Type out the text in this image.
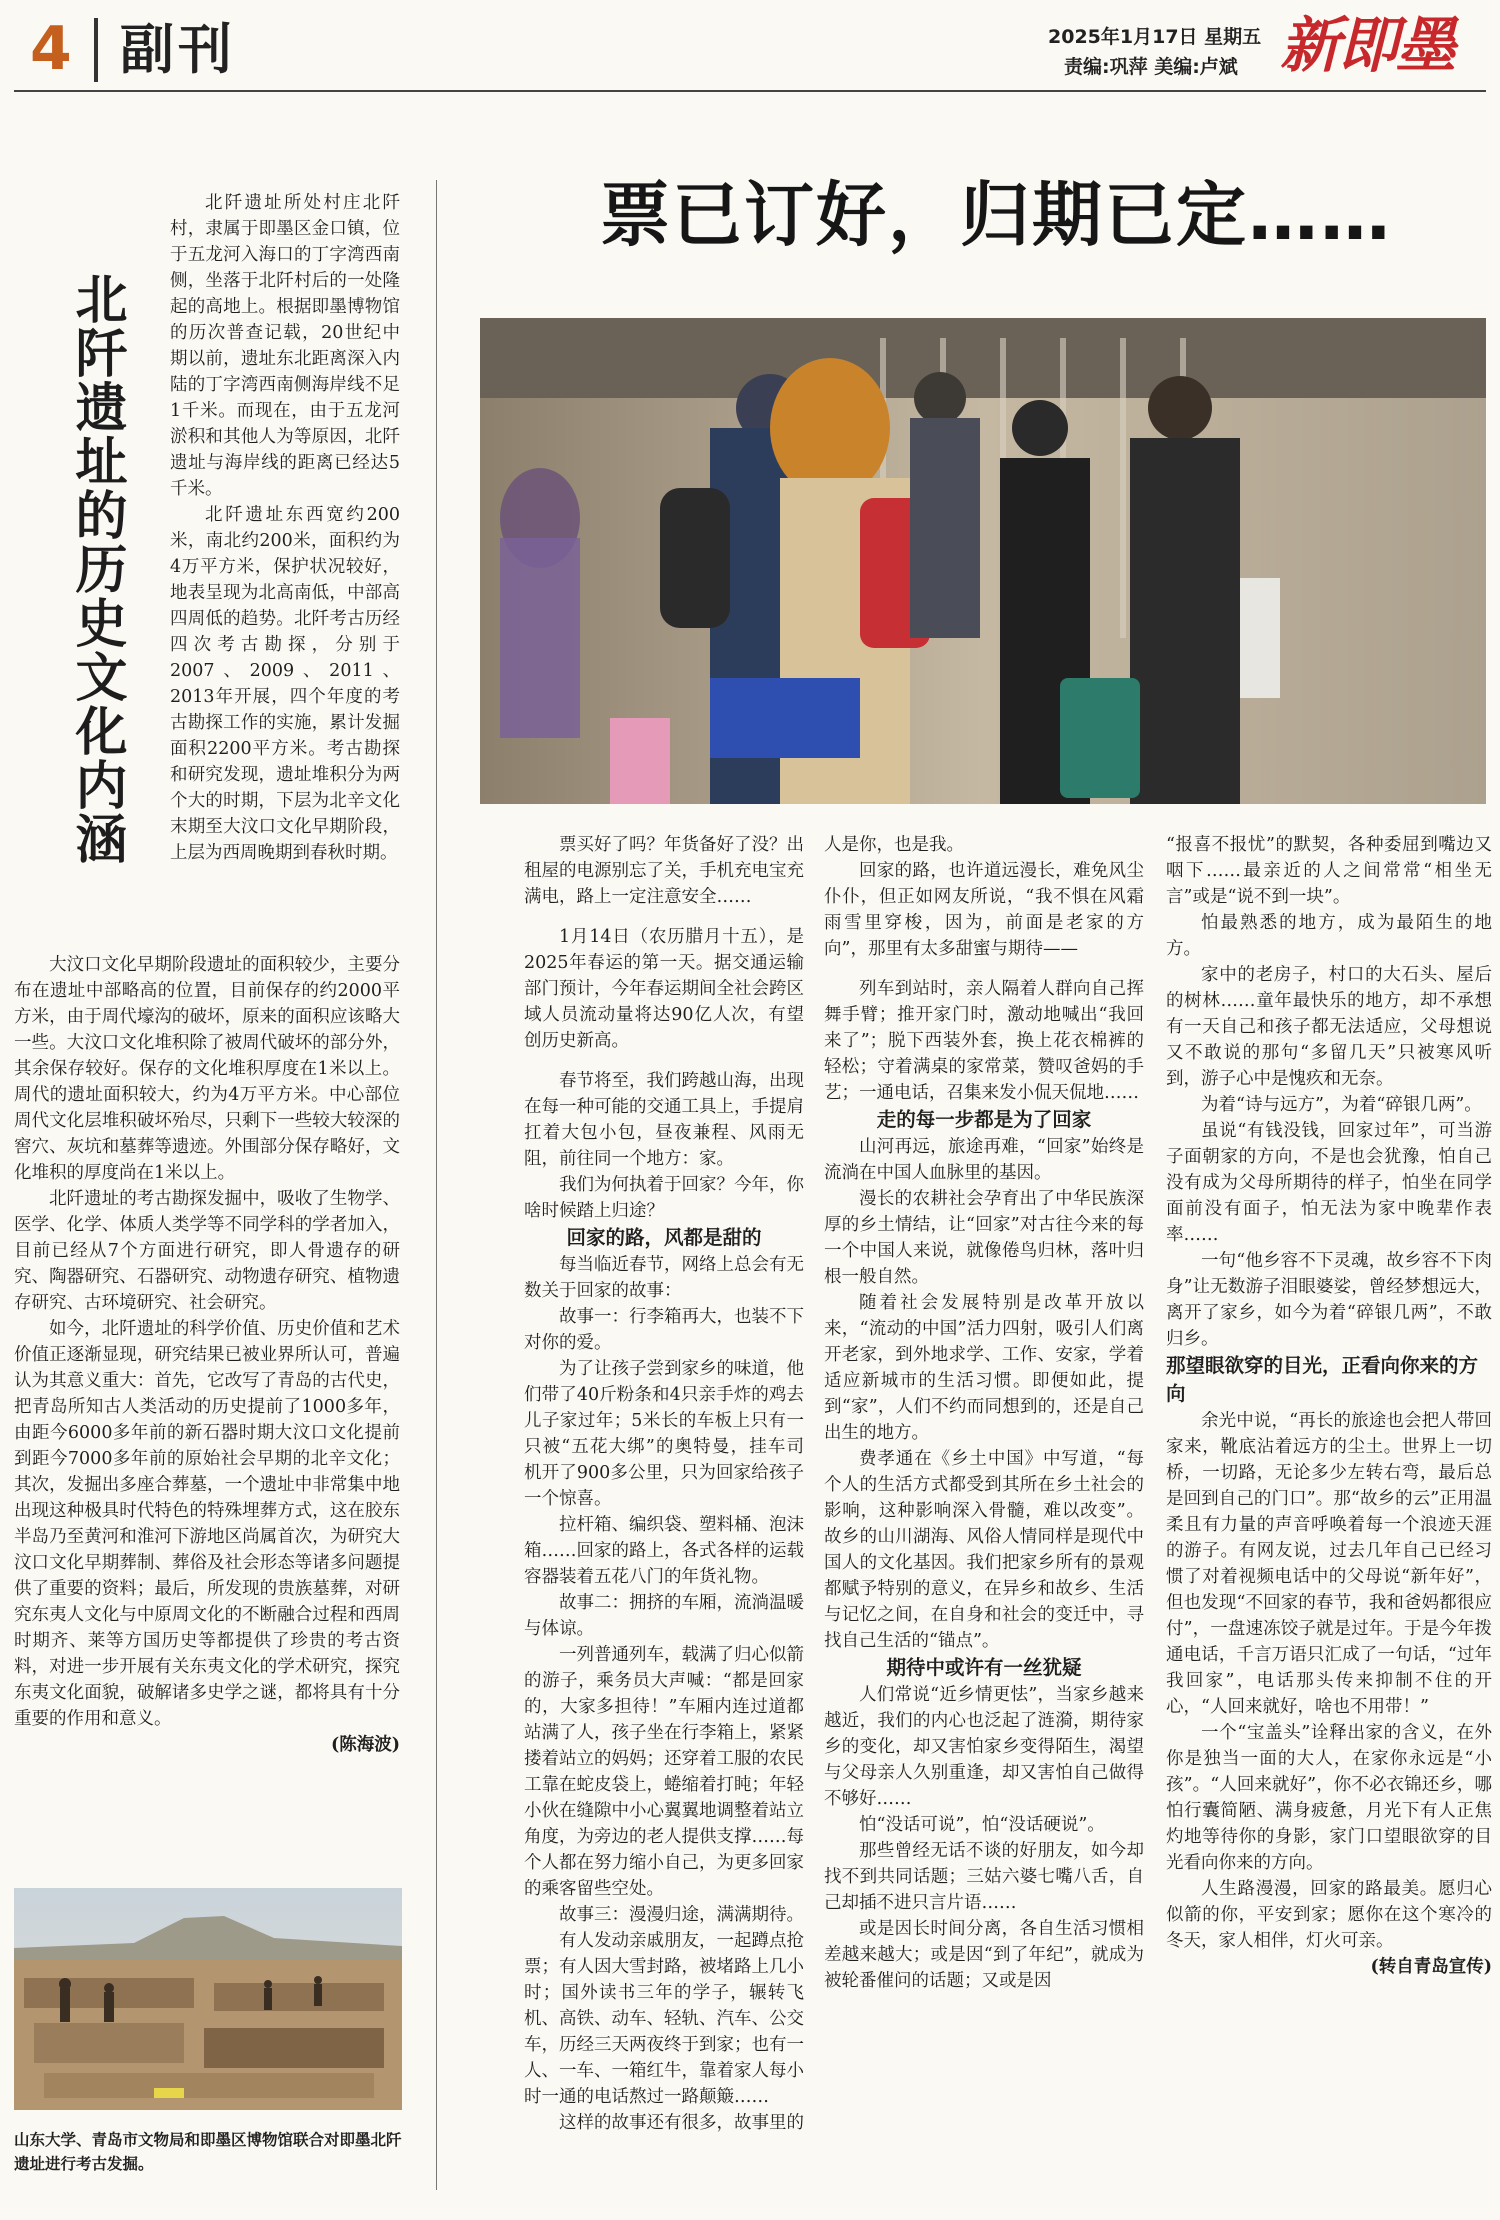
4 副刊	2025年1月17日 星期五
责编:巩萍 美编:卢斌 新即墨
北阡遗址的历史文化内涵

北阡遗址所处村庄北阡村，隶属于即墨区金口镇，位于五龙河入海口的丁字湾西南侧，坐落于北阡村后的一处隆起的高地上。根据即墨博物馆的历次普查记载，20世纪中期以前，遗址东北距离深入内陆的丁字湾西南侧海岸线不足1千米。而现在，由于五龙河淤积和其他人为等原因，北阡遗址与海岸线的距离已经达5千米。

北阡遗址东西宽约200米，南北约200米，面积约为4万平方米，保护状况较好，地表呈现为北高南低，中部高四周低的趋势。北阡考古历经四次考古勘探，分别于2007、2009、2011、2013年开展，四个年度的考古勘探工作的实施，累计发掘面积2200平方米。考古勘探和研究发现，遗址堆积分为两个大的时期，下层为北辛文化末期至大汶口文化早期阶段，上层为西周晚期到春秋时期。

大汶口文化早期阶段遗址的面积较少，主要分布在遗址中部略高的位置，目前保存的约2000平方米，由于周代壕沟的破坏，原来的面积应该略大一些。大汶口文化堆积除了被周代破坏的部分外，其余保存较好。保存的文化堆积厚度在1米以上。周代的遗址面积较大，约为4万平方米。中心部位周代文化层堆积破坏殆尽，只剩下一些较大较深的窖穴、灰坑和墓葬等遗迹。外围部分保存略好，文化堆积的厚度尚在1米以上。

北阡遗址的考古勘探发掘中，吸收了生物学、医学、化学、体质人类学等不同学科的学者加入，目前已经从7个方面进行研究，即人骨遗存的研究、陶器研究、石器研究、动物遗存研究、植物遗存研究、古环境研究、社会研究。

如今，北阡遗址的科学价值、历史价值和艺术价值正逐渐显现，研究结果已被业界所认可，普遍认为其意义重大：首先，它改写了青岛的古代史，把青岛所知古人类活动的历史提前了1000多年，由距今6000多年前的新石器时期大汶口文化提前到距今7000多年前的原始社会早期的北辛文化；其次，发掘出多座合葬墓，一个遗址中非常集中地出现这种极具时代特色的特殊埋葬方式，这在胶东半岛乃至黄河和淮河下游地区尚属首次，为研究大汶口文化早期葬制、葬俗及社会形态等诸多问题提供了重要的资料；最后，所发现的贵族墓葬，对研究东夷人文化与中原周文化的不断融合过程和西周时期齐、莱等方国历史等都提供了珍贵的考古资料，对进一步开展有关东夷文化的学术研究，探究东夷文化面貌，破解诸多史学之谜，都将具有十分重要的作用和意义。

(陈海波)
山东大学、青岛市文物局和即墨区博物馆联合对即墨北阡遗址进行考古发掘。
票已订好，归期已定……

票买好了吗？年货备好了没？出租屋的电源别忘了关，手机充电宝充满电，路上一定注意安全……

1月14日（农历腊月十五），是2025年春运的第一天。据交通运输部门预计，今年春运期间全社会跨区域人员流动量将达90亿人次，有望创历史新高。

春节将至，我们跨越山海，出现在每一种可能的交通工具上，手提肩扛着大包小包，昼夜兼程、风雨无阻，前往同一个地方：家。

我们为何执着于回家？今年，你啥时候踏上归途？

回家的路，风都是甜的

每当临近春节，网络上总会有无数关于回家的故事：

故事一：行李箱再大，也装不下对你的爱。

为了让孩子尝到家乡的味道，他们带了40斤粉条和4只亲手炸的鸡去儿子家过年；5米长的车板上只有一只被“五花大绑”的奥特曼，挂车司机开了900多公里，只为回家给孩子一个惊喜。

拉杆箱、编织袋、塑料桶、泡沫箱……回家的路上，各式各样的运载容器装着五花八门的年货礼物。

故事二：拥挤的车厢，流淌温暖与体谅。

一列普通列车，载满了归心似箭的游子，乘务员大声喊：“都是回家的，大家多担待！”车厢内连过道都站满了人，孩子坐在行李箱上，紧紧搂着站立的妈妈；还穿着工服的农民工靠在蛇皮袋上，蜷缩着打盹；年轻小伙在缝隙中小心翼翼地调整着站立角度，为旁边的老人提供支撑……每个人都在努力缩小自己，为更多回家的乘客留些空处。

故事三：漫漫归途，满满期待。

有人发动亲戚朋友，一起蹲点抢票；有人因大雪封路，被堵路上几小时；国外读书三年的学子，辗转飞机、高铁、动车、轻轨、汽车、公交车，历经三天两夜终于到家；也有一人、一车、一箱红牛，靠着家人每小时一通的电话熬过一路颠簸……

这样的故事还有很多，故事里的

人是你，也是我。

回家的路，也许道远漫长，难免风尘仆仆，但正如网友所说，“我不惧在风霜雨雪里穿梭，因为，前面是老家的方向”，那里有太多甜蜜与期待——

列车到站时，亲人隔着人群向自己挥舞手臂；推开家门时，激动地喊出“我回来了”；脱下西装外套，换上花衣棉裤的轻松；守着满桌的家常菜，赞叹爸妈的手艺；一通电话，召集来发小侃天侃地……

走的每一步都是为了回家

山河再远，旅途再难，“回家”始终是流淌在中国人血脉里的基因。

漫长的农耕社会孕育出了中华民族深厚的乡土情结，让“回家”对古往今来的每一个中国人来说，就像倦鸟归林，落叶归根一般自然。

随着社会发展特别是改革开放以来，“流动的中国”活力四射，吸引人们离开老家，到外地求学、工作、安家，学着适应新城市的生活习惯。即便如此，提到“家”，人们不约而同想到的，还是自己出生的地方。

费孝通在《乡土中国》中写道，“每个人的生活方式都受到其所在乡土社会的影响，这种影响深入骨髓，难以改变”。故乡的山川湖海、风俗人情同样是现代中国人的文化基因。我们把家乡所有的景观都赋予特别的意义，在异乡和故乡、生活与记忆之间，在自身和社会的变迁中，寻找自己生活的“锚点”。

期待中或许有一丝犹疑

人们常说“近乡情更怯”，当家乡越来越近，我们的内心也泛起了涟漪，期待家乡的变化，却又害怕家乡变得陌生，渴望与父母亲人久别重逢，却又害怕自己做得不够好……

怕“没话可说”，怕“没话硬说”。

那些曾经无话不谈的好朋友，如今却找不到共同话题；三姑六婆七嘴八舌，自己却插不进只言片语……

或是因长时间分离，各自生活习惯相差越来越大；或是因“到了年纪”，就成为被轮番催问的话题；又或是因

“报喜不报忧”的默契，各种委屈到嘴边又咽下……最亲近的人之间常常“相坐无言”或是“说不到一块”。

怕最熟悉的地方，成为最陌生的地方。

家中的老房子，村口的大石头、屋后的树林……童年最快乐的地方，却不承想有一天自己和孩子都无法适应，父母想说又不敢说的那句“多留几天”只被寒风听到，游子心中是愧疚和无奈。

为着“诗与远方”，为着“碎银几两”。

虽说“有钱没钱，回家过年”，可当游子面朝家的方向，不是也会犹豫，怕自己没有成为父母所期待的样子，怕坐在同学面前没有面子，怕无法为家中晚辈作表率……

一句“他乡容不下灵魂，故乡容不下肉身”让无数游子泪眼婆娑，曾经梦想远大，离开了家乡，如今为着“碎银几两”，不敢归乡。

那望眼欲穿的目光，正看向你来的方向

余光中说，“再长的旅途也会把人带回家来，靴底沾着远方的尘土。世界上一切桥，一切路，无论多少左转右弯，最后总是回到自己的门口”。那“故乡的云”正用温柔且有力量的声音呼唤着每一个浪迹天涯的游子。有网友说，过去几年自己已经习惯了对着视频电话中的父母说“新年好”，但也发现“不回家的春节，我和爸妈都很应付”，一盘速冻饺子就是过年。于是今年拨通电话，千言万语只汇成了一句话，“过年我回家”，电话那头传来抑制不住的开心，“人回来就好，啥也不用带！”

一个“宝盖头”诠释出家的含义，在外你是独当一面的大人，在家你永远是“小孩”。“人回来就好”，你不必衣锦还乡，哪怕行囊简陋、满身疲惫，月光下有人正焦灼地等待你的身影，家门口望眼欲穿的目光看向你来的方向。

人生路漫漫，回家的路最美。愿归心似箭的你，平安到家；愿你在这个寒冷的冬天，家人相伴，灯火可亲。

(转自青岛宣传)
